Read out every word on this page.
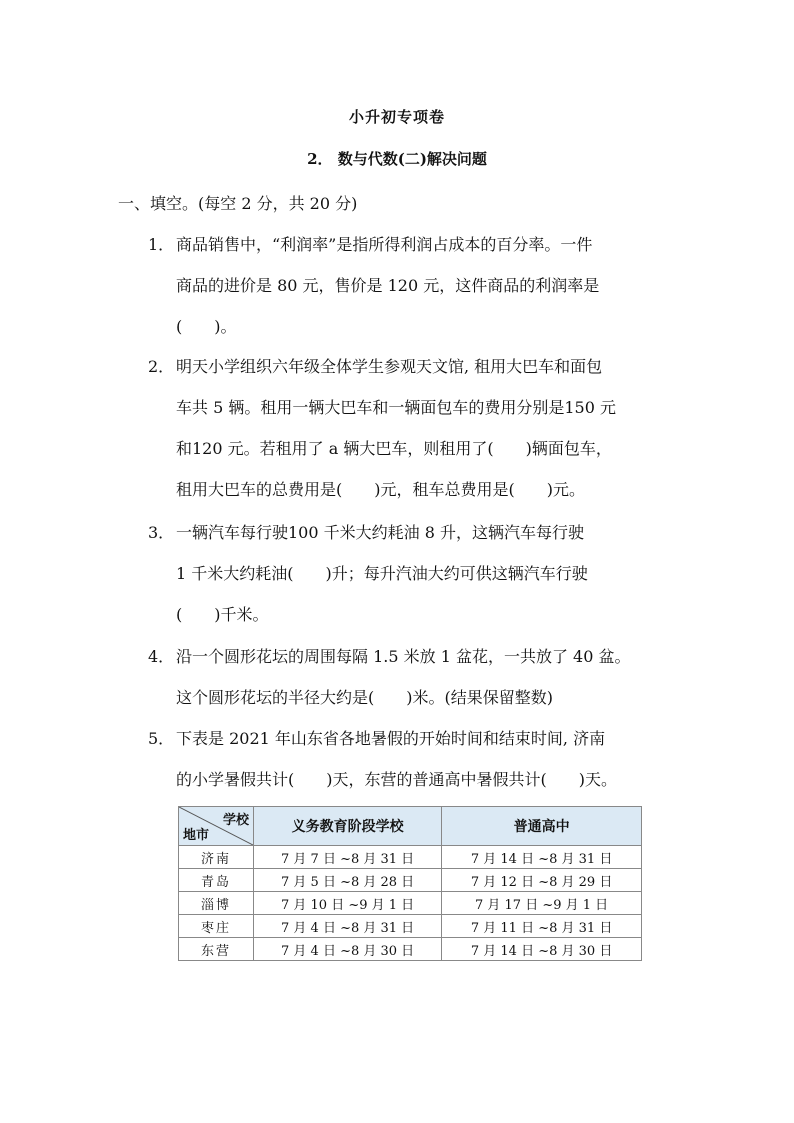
小升初专项卷
2． 数与代数(二)解决问题
一、填空。(每空 2 分，共 20 分)
1． 商品销售中，“利润率”是指所得利润占成本的百分率。一件
商品的进价是 80 元，售价是 120 元，这件商品的利润率是
(　　)。
2． 明天小学组织六年级全体学生参观天文馆, 租用大巴车和面包
车共 5 辆。租用一辆大巴车和一辆面包车的费用分别是150 元
和120 元。若租用了 a 辆大巴车，则租用了(　　)辆面包车，
租用大巴车的总费用是(　　)元，租车总费用是(　　)元。
3． 一辆汽车每行驶100 千米大约耗油 8 升，这辆汽车每行驶
1 千米大约耗油(　　)升；每升汽油大约可供这辆汽车行驶
(　　)千米。
4． 沿一个圆形花坛的周围每隔 1.5 米放 1 盆花，一共放了 40 盆。
这个圆形花坛的半径大约是(　　)米。(结果保留整数)
5． 下表是 2021 年山东省各地暑假的开始时间和结束时间, 济南
的小学暑假共计(　　)天，东营的普通高中暑假共计(　　)天。
学校
地市	义务教育阶段学校	普通高中
济南	7 月 7 日 ~8 月 31 日	7 月 14 日 ~8 月 31 日
青岛	7 月 5 日 ~8 月 28 日	7 月 12 日 ~8 月 29 日
淄博	7 月 10 日 ~9 月 1 日	7 月 17 日 ~9 月 1 日
枣庄	7 月 4 日 ~8 月 31 日	7 月 11 日 ~8 月 31 日
东营	7 月 4 日 ~8 月 30 日	7 月 14 日 ~8 月 30 日
